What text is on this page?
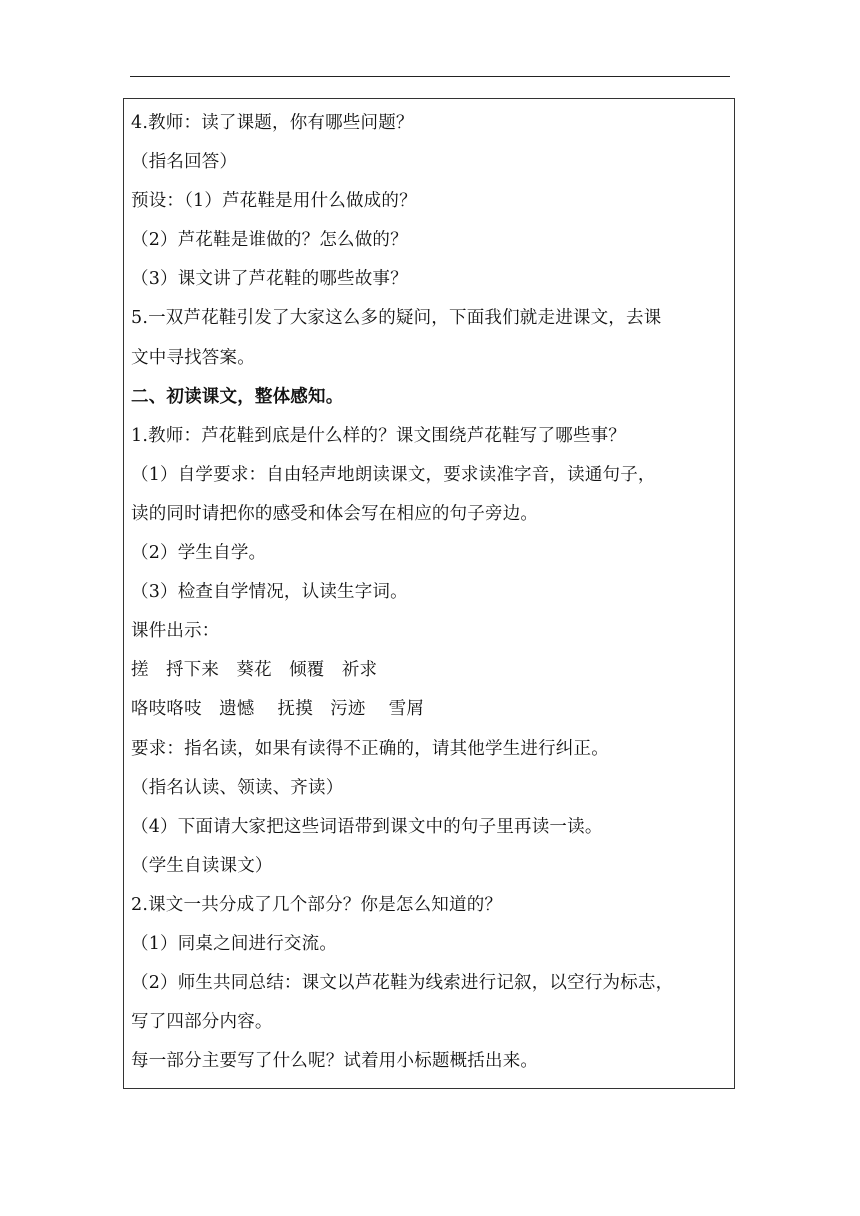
4.教师：读了课题，你有哪些问题？
（指名回答）
预设：（1）芦花鞋是用什么做成的？
（2）芦花鞋是谁做的？怎么做的？
（3）课文讲了芦花鞋的哪些故事？
5.一双芦花鞋引发了大家这么多的疑问，下面我们就走进课文，去课
文中寻找答案。
二、初读课文，整体感知。
1.教师：芦花鞋到底是什么样的？课文围绕芦花鞋写了哪些事？
（1）自学要求：自由轻声地朗读课文，要求读准字音，读通句子，
读的同时请把你的感受和体会写在相应的句子旁边。
（2）学生自学。
（3）检查自学情况，认读生字词。
课件出示：
搓   捋下来   葵花   倾覆   祈求
咯吱咯吱   遗憾    抚摸   污迹    雪屑
要求：指名读，如果有读得不正确的，请其他学生进行纠正。
（指名认读、领读、齐读）
（4）下面请大家把这些词语带到课文中的句子里再读一读。
（学生自读课文）
2.课文一共分成了几个部分？你是怎么知道的？
（1）同桌之间进行交流。
（2）师生共同总结：课文以芦花鞋为线索进行记叙，以空行为标志，
写了四部分内容。
每一部分主要写了什么呢？试着用小标题概括出来。
